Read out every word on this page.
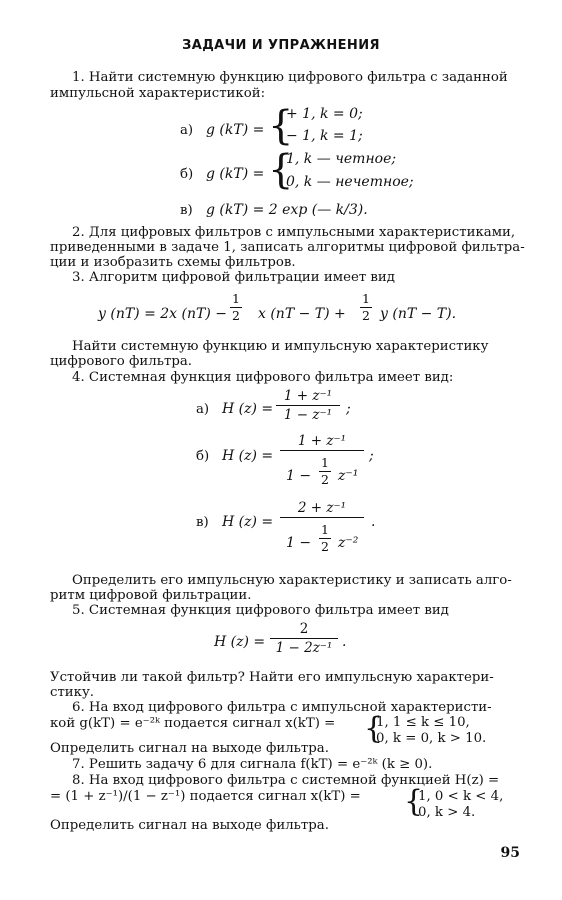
ЗАДАЧИ И УПРАЖНЕНИЯ
1. Найти системную функцию цифрового фильтра с заданной
импульсной характеристикой:
а) g (kT) = {
+ 1, k = 0;
− 1, k = 1;
б) g (kT) = {
1, k — четное;
0, k — нечетное;
в) g (kT) = 2 exp (— k/3).
2. Для цифровых фильтров с импульсными характеристиками,
приведенными в задаче 1, записать алгоритмы цифровой фильтра-
ции и изобразить схемы фильтров.
3. Алгоритм цифровой фильтрации имеет вид
y (nT) = 2x (nT) −
1
2 x (nT − T) +
1
2 y (nT − T).
Найти системную функцию и импульсную характеристику
цифрового фильтра.
4. Системная функция цифрового фильтра имеет вид:
а) H (z) =
1 + z⁻¹
1 − z⁻¹ ;
б) H (z) =
1 + z⁻¹
1 −
1
2 z⁻¹
;
в) H (z) =
2 + z⁻¹
1 −
1
2 z⁻²
.
Определить его импульсную характеристику и записать алго-
ритм цифровой фильтрации.
5. Системная функция цифрового фильтра имеет вид
H (z) =
2
1 − 2z⁻¹ .
Устойчив ли такой фильтр? Найти его импульсную характери-
стику.
6. На вход цифрового фильтра с импульсной характеристи-
кой g(kT) = e⁻²ᵏ подается сигнал x(kT) = {
1, 1 ≤ k ≤ 10,
0, k = 0, k > 10.
Определить сигнал на выходе фильтра.
7. Решить задачу 6 для сигнала f(kT) = e⁻²ᵏ (k ≥ 0).
8. На вход цифрового фильтра с системной функцией H(z) =
= (1 + z⁻¹)/(1 − z⁻¹) подается сигнал x(kT) = {
1, 0 < k < 4,
0, k > 4.
Определить сигнал на выходе фильтра.
95
